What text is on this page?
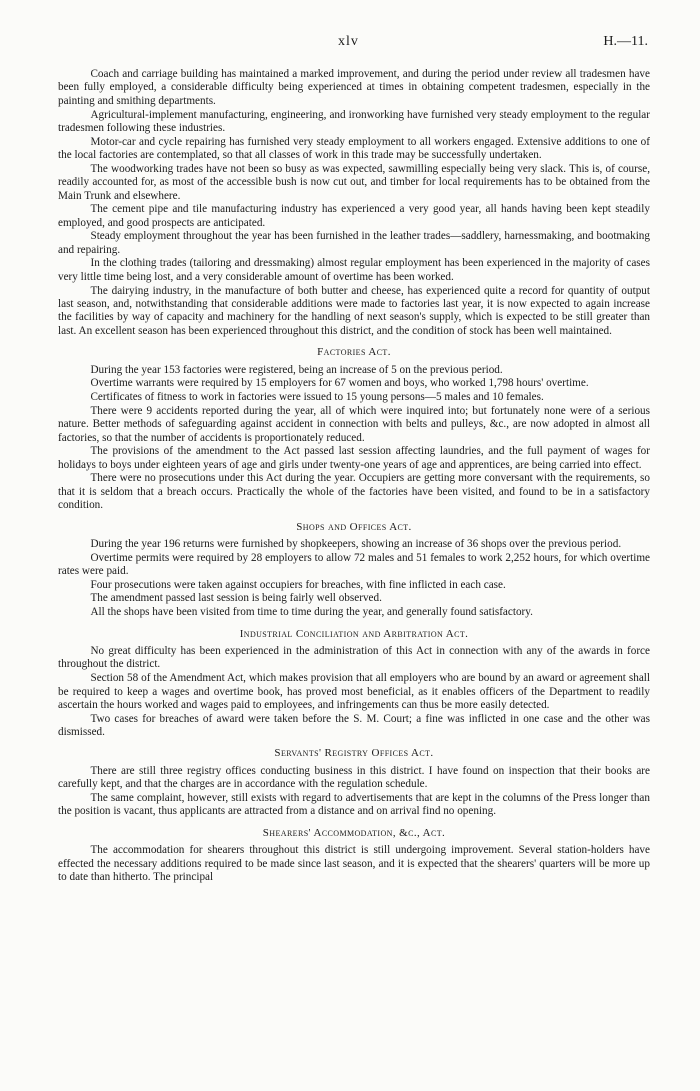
xlv	H.—11.

Coach and carriage building has maintained a marked improvement, and during the period under review all tradesmen have been fully employed, a considerable difficulty being experienced at times in obtaining competent tradesmen, especially in the painting and smithing departments.

Agricultural-implement manufacturing, engineering, and ironworking have furnished very steady employment to the regular tradesmen following these industries.

Motor-car and cycle repairing has furnished very steady employment to all workers engaged. Extensive additions to one of the local factories are contemplated, so that all classes of work in this trade may be successfully undertaken.

The woodworking trades have not been so busy as was expected, sawmilling especially being very slack. This is, of course, readily accounted for, as most of the accessible bush is now cut out, and timber for local requirements has to be obtained from the Main Trunk and elsewhere.

The cement pipe and tile manufacturing industry has experienced a very good year, all hands having been kept steadily employed, and good prospects are anticipated.

Steady employment throughout the year has been furnished in the leather trades—saddlery, harnessmaking, and bootmaking and repairing.

In the clothing trades (tailoring and dressmaking) almost regular employment has been experienced in the majority of cases very little time being lost, and a very considerable amount of overtime has been worked.

The dairying industry, in the manufacture of both butter and cheese, has experienced quite a record for quantity of output last season, and, notwithstanding that considerable additions were made to factories last year, it is now expected to again increase the facilities by way of capacity and machinery for the handling of next season's supply, which is expected to be still greater than last. An excellent season has been experienced throughout this district, and the condition of stock has been well maintained.

Factories Act.

During the year 153 factories were registered, being an increase of 5 on the previous period.

Overtime warrants were required by 15 employers for 67 women and boys, who worked 1,798 hours' overtime.

Certificates of fitness to work in factories were issued to 15 young persons—5 males and 10 females.

There were 9 accidents reported during the year, all of which were inquired into; but fortunately none were of a serious nature. Better methods of safeguarding against accident in connection with belts and pulleys, &c., are now adopted in almost all factories, so that the number of accidents is proportionately reduced.

The provisions of the amendment to the Act passed last session affecting laundries, and the full payment of wages for holidays to boys under eighteen years of age and girls under twenty-one years of age and apprentices, are being carried into effect.

There were no prosecutions under this Act during the year. Occupiers are getting more conversant with the requirements, so that it is seldom that a breach occurs. Practically the whole of the factories have been visited, and found to be in a satisfactory condition.

Shops and Offices Act.

During the year 196 returns were furnished by shopkeepers, showing an increase of 36 shops over the previous period.

Overtime permits were required by 28 employers to allow 72 males and 51 females to work 2,252 hours, for which overtime rates were paid.

Four prosecutions were taken against occupiers for breaches, with fine inflicted in each case.

The amendment passed last session is being fairly well observed.

All the shops have been visited from time to time during the year, and generally found satisfactory.

Industrial Conciliation and Arbitration Act.

No great difficulty has been experienced in the administration of this Act in connection with any of the awards in force throughout the district.

Section 58 of the Amendment Act, which makes provision that all employers who are bound by an award or agreement shall be required to keep a wages and overtime book, has proved most beneficial, as it enables officers of the Department to readily ascertain the hours worked and wages paid to employees, and infringements can thus be more easily detected.

Two cases for breaches of award were taken before the S. M. Court; a fine was inflicted in one case and the other was dismissed.

Servants' Registry Offices Act.

There are still three registry offices conducting business in this district. I have found on inspection that their books are carefully kept, and that the charges are in accordance with the regulation schedule.

The same complaint, however, still exists with regard to advertisements that are kept in the columns of the Press longer than the position is vacant, thus applicants are attracted from a distance and on arrival find no opening.

Shearers' Accommodation, &c., Act.

The accommodation for shearers throughout this district is still undergoing improvement. Several station-holders have effected the necessary additions required to be made since last season, and it is expected that the shearers' quarters will be more up to date than hitherto. The principal
